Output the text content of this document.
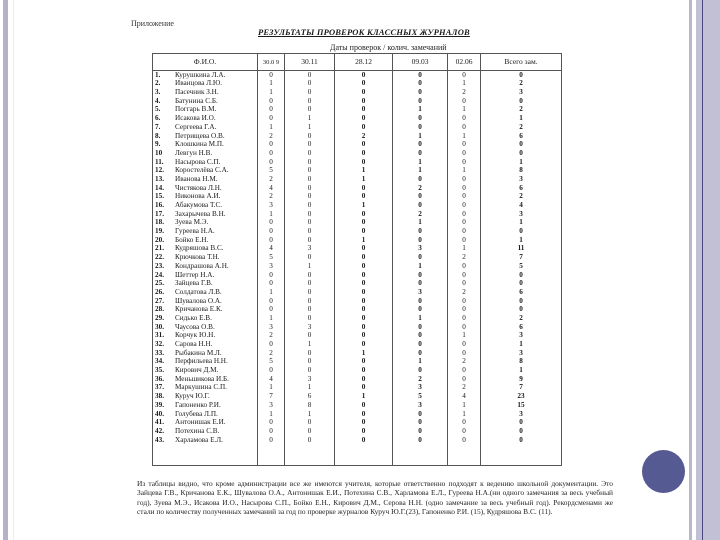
Приложение
РЕЗУЛЬТАТЫ ПРОВЕРОК КЛАССНЫХ ЖУРНАЛОВ
Даты проверок / колич. замечаний
Ф.И.О.	30.0 9	30.11	28.12	09.03	02.06	Всего зам.
1. Курушкина Л.А.	0	0	0	0	0	0
2. Иванцова Л.Ю.	1	0	0	0	1	2
3. Пасечник З.Н.	1	0	0	0	2	3
4. Батунина С.Б.	0	0	0	0	0	0
5. Поггарь В.М.	0	0	0	1	1	2
6. Исакова И.О.	0	1	0	0	0	1
7. Сергеева Г.А.	1	1	0	0	0	2
8. Петрищева О.В.	2	0	2	1	1	6
9. Клошкина М.П.	0	0	0	0	0	0
10 Левгун Н.В.	0	0	0	0	0	0
11. Насырова С.П.	0	0	0	1	0	1
12. Коростелёва С.А.	5	0	1	1	1	8
13. Иванова Н.М.	2	0	1	0	0	3
14. Чистякова Л.Н.	4	0	0	2	0	6
15. Никонова А.И.	2	0	0	0	0	2
16. Абакумова Т.С.	3	0	1	0	0	4
17. Захарычева В.Н.	1	0	0	2	0	3
18. Зуева М.Э.	0	0	0	1	0	1
19. Гуреева Н.А.	0	0	0	0	0	0
20. Бойко Е.Н.	0	0	1	0	0	1
21. Кудряшова В.С.	4	3	0	3	1	11
22. Крючкова Т.Н.	5	0	0	0	2	7
23. Кондрашова А.Н.	3	1	0	1	0	5
24. Шеттер Н.А.	0	0	0	0	0	0
25. Зайцева Г.В.	0	0	0	0	0	0
26. Солдатова Л.В.	1	0	0	3	2	6
27. Шувалова О.А.	0	0	0	0	0	0
28. Кричанова Е.К.	0	0	0	0	0	0
29. Сидько Е.В.	1	0	0	1	0	2
30. Чаусова О.В.	3	3	0	0	0	6
31. Корчук Ю.Н.	2	0	0	0	1	3
32. Сарова Н.Н.	0	1	0	0	0	1
33. Рыбакина М.Л.	2	0	1	0	0	3
34. Перфильева Н.Н.	5	0	0	1	2	8
35. Кирович Д.М.	0	0	0	0	0	1
36. Меньшикова И.Б.	4	3	0	2	0	9
37. Маркушина С.П.	1	1	0	3	2	7
38. Куруч Ю.Г.	7	6	1	5	4	23
39. Гапоненко Р.И.	3	8	0	3	1	15
40. Голубева Л.П.	1	1	0	0	1	3
41. Антонишак Е.И.	0	0	0	0	0	0
42. Потехина С.В.	0	0	0	0	0	0
43. Харламова Е.Л.	0	0	0	0	0	0

Из таблицы видно, что кроме администрации все же имеются учителя, которые ответственно подходят к ведению школьной документации. Это Зайцева Г.В., Кричанова Е.К., Шувалова О.А., Антонишак Е.И., Потехина С.В., Харламова Е.Л., Гуреева Н.А.(ни одного замечания за весь учебный год), Зуева М.Э., Исакова И.О., Насырова С.П., Бойко Е.Н., Кирович Д.М., Серова Н.Н. (одно замечание за весь учебный год). Рекордсменами же стали по количеству полученных замечаний за год по проверке журналов Куруч Ю.Г.(23), Гапоненко Р.И. (15), Кудряшова В.С. (11).
